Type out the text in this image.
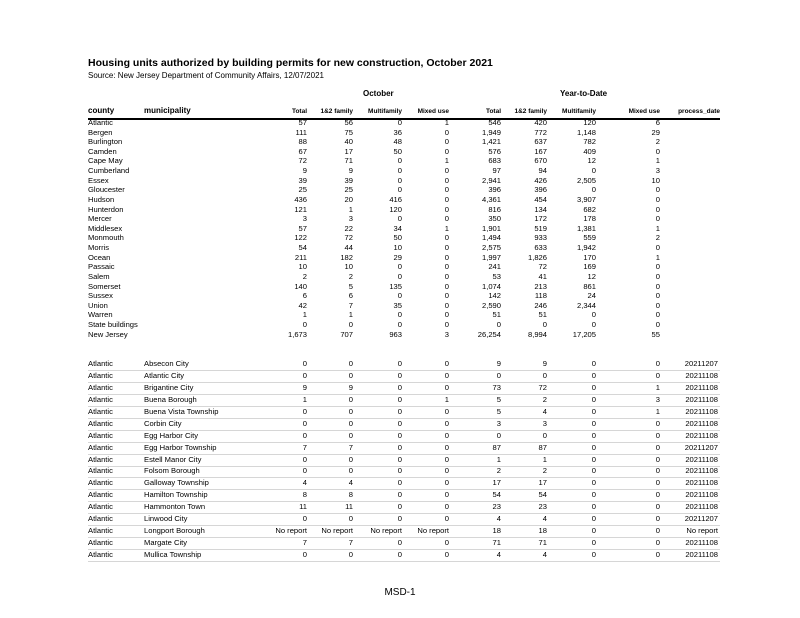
Housing units authorized by building permits for new construction, October 2021
Source: New Jersey Department of Community Affairs, 12/07/2021
October	Year-to-Date
county	municipality	Total 1&2 family Multifamily Mixed use	Total 1&2 family Multifamily	Mixed use	process_date
Atlantic	57	56	0	1	546	420	120	6
Bergen	111	75	36	0	1,949	772	1,148	29
Burlington	88	40	48	0	1,421	637	782	2
Camden	67	17	50	0	576	167	409	0
Cape May	72	71	0	1	683	670	12	1
Cumberland	9	9	0	0	97	94	0	3
Essex	39	39	0	0	2,941	426	2,505	10
Gloucester	25	25	0	0	396	396	0	0
Hudson	436	20	416	0	4,361	454	3,907	0
Hunterdon	121	1	120	0	816	134	682	0
Mercer	3	3	0	0	350	172	178	0
Middlesex	57	22	34	1	1,901	519	1,381	1
Monmouth	122	72	50	0	1,494	933	559	2
Morris	54	44	10	0	2,575	633	1,942	0
Ocean	211	182	29	0	1,997	1,826	170	1
Passaic	10	10	0	0	241	72	169	0
Salem	2	2	0	0	53	41	12	0
Somerset	140	5	135	0	1,074	213	861	0
Sussex	6	6	0	0	142	118	24	0
Union	42	7	35	0	2,590	246	2,344	0
Warren	1	1	0	0	51	51	0	0
State buildings	0	0	0	0	0	0	0	0
New Jersey	1,673	707	963	3	26,254	8,994	17,205	55
Atlantic	Absecon City	0	0	0	0	9	9	0	0	20211207
Atlantic	Atlantic City	0	0	0	0	0	0	0	0	20211108
Atlantic	Brigantine City	9	9	0	0	73	72	0	1	20211108
Atlantic	Buena Borough	1	0	0	1	5	2	0	3	20211108
Atlantic	Buena Vista Township	0	0	0	0	5	4	0	1	20211108
Atlantic	Corbin City	0	0	0	0	3	3	0	0	20211108
Atlantic	Egg Harbor City	0	0	0	0	0	0	0	0	20211108
Atlantic	Egg Harbor Township	7	7	0	0	87	87	0	0	20211207
Atlantic	Estell Manor City	0	0	0	0	1	1	0	0	20211108
Atlantic	Folsom Borough	0	0	0	0	2	2	0	0	20211108
Atlantic	Galloway Township	4	4	0	0	17	17	0	0	20211108
Atlantic	Hamilton Township	8	8	0	0	54	54	0	0	20211108
Atlantic	Hammonton Town	11	11	0	0	23	23	0	0	20211108
Atlantic	Linwood City	0	0	0	0	4	4	0	0	20211207
Atlantic	Longport Borough	No report No report No report No report	18	18	0	0	No report
Atlantic	Margate City	7	7	0	0	71	71	0	0	20211108
Atlantic	Mullica Township	0	0	0	0	4	4	0	0	20211108
MSD-1
